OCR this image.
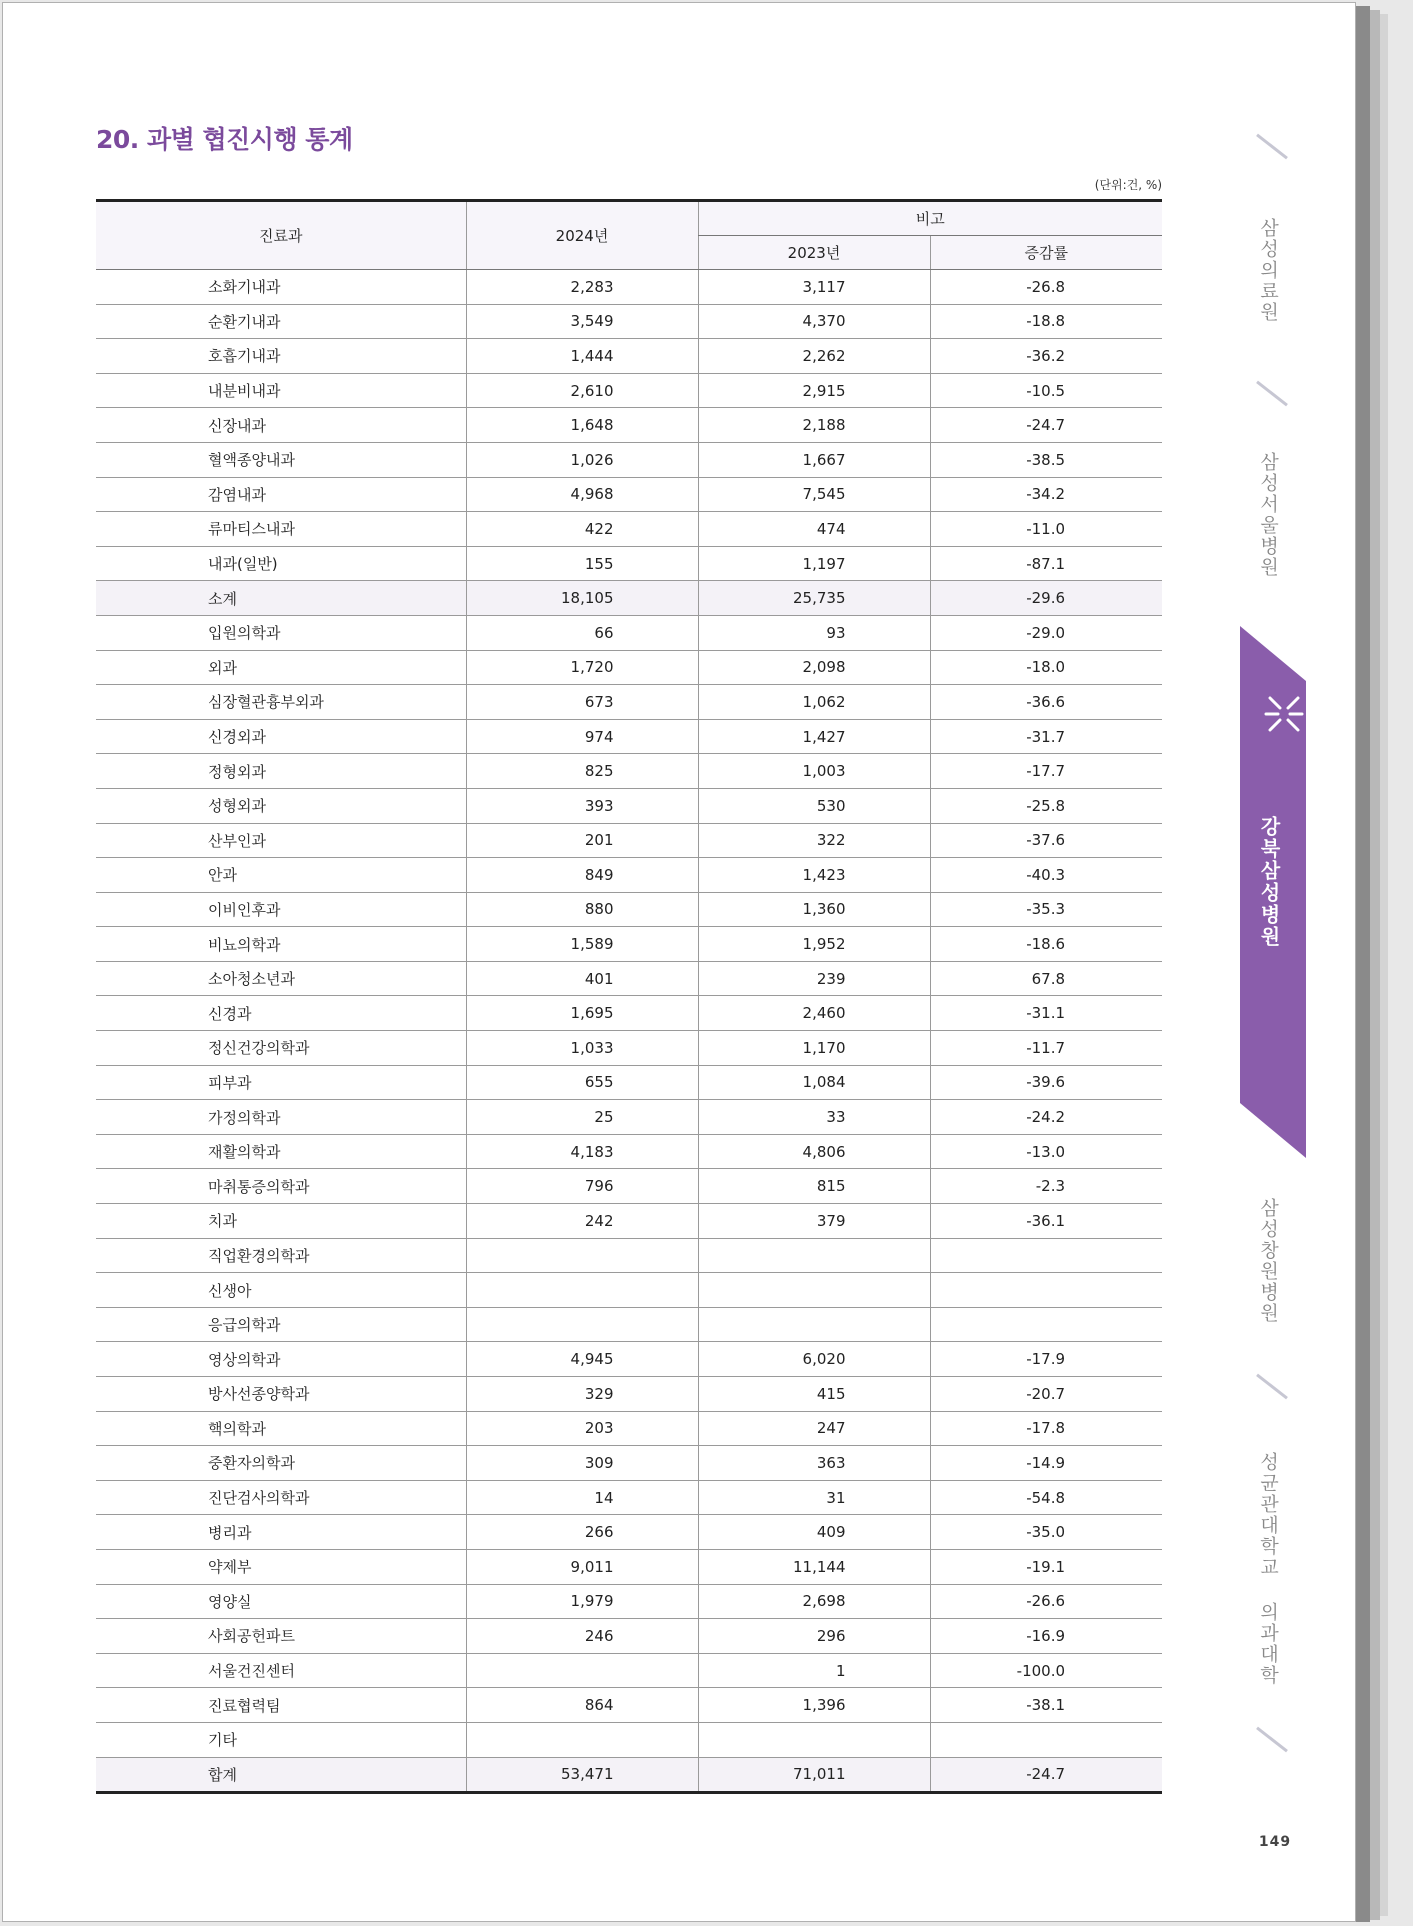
20. 과별 협진시행 통계
(단위:건, %)
진료과	2024년	비고	
		2023년	증감률
소화기내과	2,283	3,117	-26.8
순환기내과	3,549	4,370	-18.8
호흡기내과	1,444	2,262	-36.2
내분비내과	2,610	2,915	-10.5
신장내과	1,648	2,188	-24.7
혈액종양내과	1,026	1,667	-38.5
감염내과	4,968	7,545	-34.2
류마티스내과	422	474	-11.0
내과(일반)	155	1,197	-87.1
소계	18,105	25,735	-29.6
입원의학과	66	93	-29.0
외과	1,720	2,098	-18.0
심장혈관흉부외과	673	1,062	-36.6
신경외과	974	1,427	-31.7
정형외과	825	1,003	-17.7
성형외과	393	530	-25.8
산부인과	201	322	-37.6
안과	849	1,423	-40.3
이비인후과	880	1,360	-35.3
비뇨의학과	1,589	1,952	-18.6
소아청소년과	401	239	67.8
신경과	1,695	2,460	-31.1
정신건강의학과	1,033	1,170	-11.7
피부과	655	1,084	-39.6
가정의학과	25	33	-24.2
재활의학과	4,183	4,806	-13.0
마취통증의학과	796	815	-2.3
치과	242	379	-36.1
직업환경의학과			
신생아			
응급의학과			
영상의학과	4,945	6,020	-17.9
방사선종양학과	329	415	-20.7
핵의학과	203	247	-17.8
중환자의학과	309	363	-14.9
진단검사의학과	14	31	-54.8
병리과	266	409	-35.0
약제부	9,011	11,144	-19.1
영양실	1,979	2,698	-26.6
사회공헌파트	246	296	-16.9
서울건진센터		1	-100.0
진료협력팀	864	1,396	-38.1
기타			
합계	53,471	71,011	-24.7
삼성의료원
삼성서울병원
강북삼성병원
삼성창원병원
성균관대학교 의과대학
149
